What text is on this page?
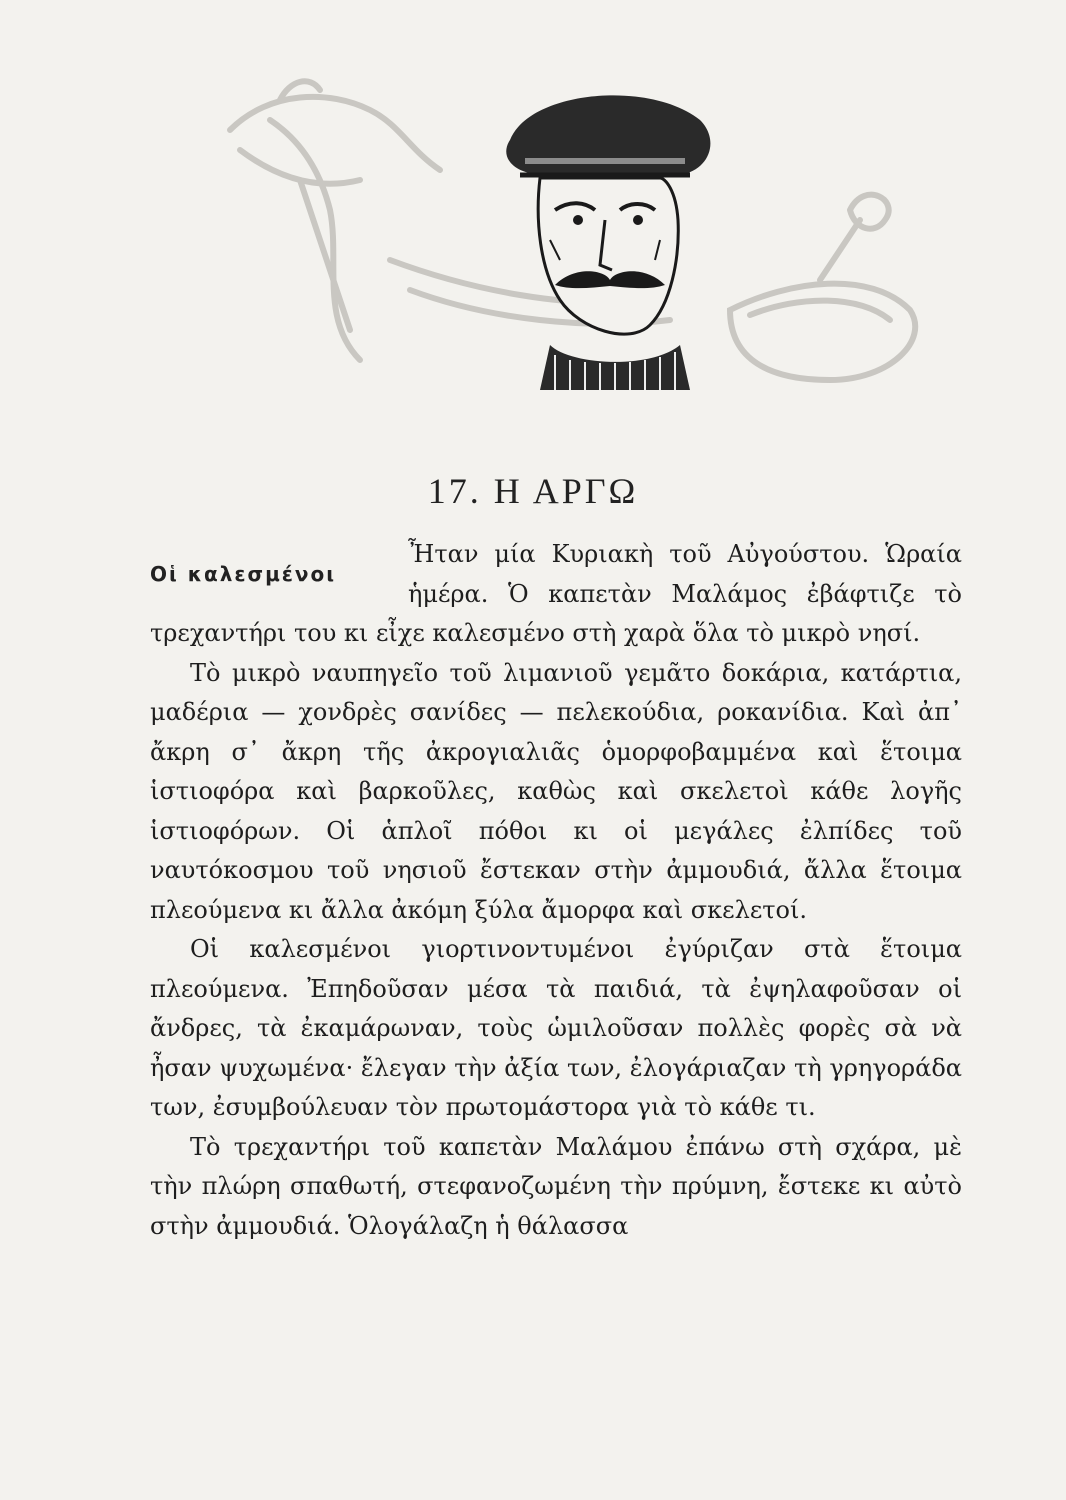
17. Η ΑΡΓΩ
Οἱ καλεσμένοι

Ἦταν μία Κυριακὴ τοῦ Αὐγούστου. Ὡραία ἡμέρα. Ὁ καπετὰν Μαλάμος ἐβάφτιζε τὸ τρεχαντήρι του κι εἶχε καλεσμένο στὴ χαρὰ ὅλα τὸ μικρὸ νησί.

Τὸ μικρὸ ναυπηγεῖο τοῦ λιμανιοῦ γεμᾶτο δοκάρια, κατάρτια, μαδέρια — χονδρὲς σανίδες — πελεκούδια, ροκανίδια. Καὶ ἀπ᾽ ἄκρη σ᾽ ἄκρη τῆς ἀκρογιαλιᾶς ὁμορφοβαμμένα καὶ ἕτοιμα ἱστιοφόρα καὶ βαρκοῦλες, καθὼς καὶ σκελετοὶ κάθε λογῆς ἱστιοφόρων. Οἱ ἁπλοῖ πόθοι κι οἱ μεγάλες ἐλπίδες τοῦ ναυτόκοσμου τοῦ νησιοῦ ἔστεκαν στὴν ἀμμουδιά, ἄλλα ἕτοιμα πλεούμενα κι ἄλλα ἀκόμη ξύλα ἄμορφα καὶ σκελετοί.

Οἱ καλεσμένοι γιορτινοντυμένοι ἐγύριζαν στὰ ἕτοιμα πλεούμενα. Ἐπηδοῦσαν μέσα τὰ παιδιά, τὰ ἐψηλαφοῦσαν οἱ ἄνδρες, τὰ ἐκαμάρωναν, τοὺς ὡμιλοῦσαν πολλὲς φορὲς σὰ νὰ ἦσαν ψυχωμένα· ἔλεγαν τὴν ἀξία των, ἐλογάριαζαν τὴ γρηγοράδα των, ἐσυμβούλευαν τὸν πρωτομάστορα γιὰ τὸ κάθε τι.

Τὸ τρεχαντήρι τοῦ καπετὰν Μαλάμου ἐπάνω στὴ σχάρα, μὲ τὴν πλώρη σπαθωτή, στεφανοζωμένη τὴν πρύμνη, ἔστεκε κι αὐτὸ στὴν ἀμμουδιά. Ὁλογάλαζη ἡ θάλασσα
